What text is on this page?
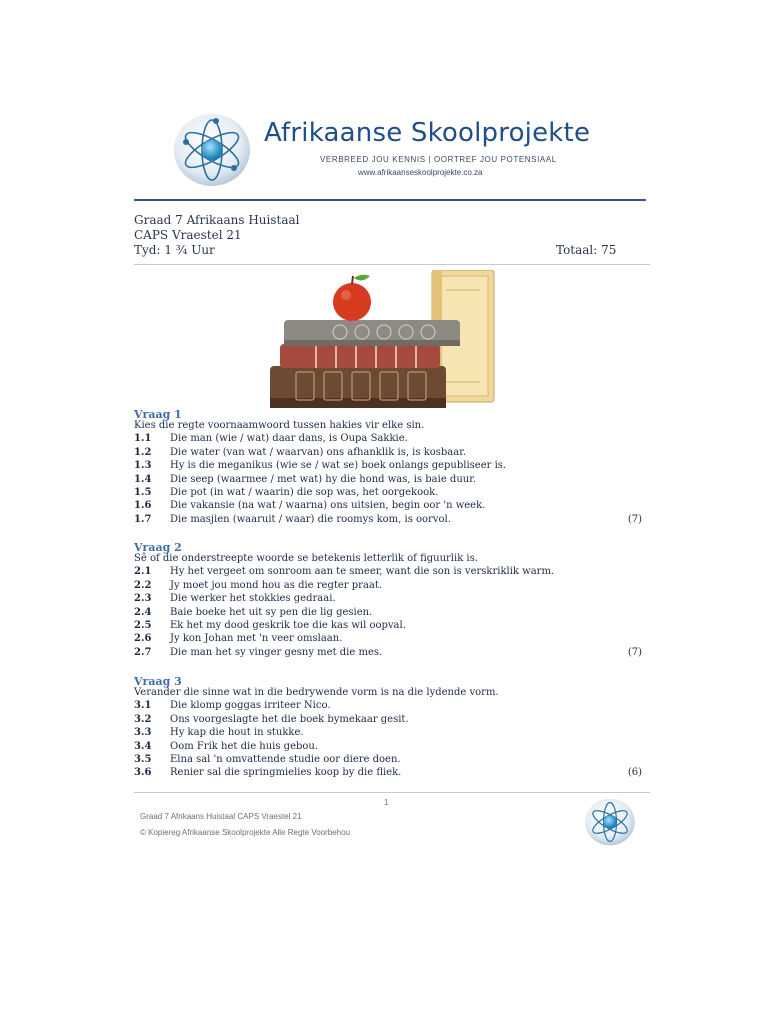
Afrikaanse Skoolprojekte
VERBREED JOU KENNIS | OORTREF JOU POTENSIAAL
www.afrikaanseskoolprojekte.co.za
Graad 7 Afrikaans Huistaal
CAPS Vraestel 21
Tyd: 1 ¾ Uur	Totaal: 75
Vraag 1
Kies die regte voornaamwoord tussen hakies vir elke sin.
1.1 Die man (wie / wat) daar dans, is Oupa Sakkie.
1.2 Die water (van wat / waarvan) ons afhanklik is, is kosbaar.
1.3 Hy is die meganikus (wie se / wat se) boek onlangs gepubliseer is.
1.4 Die seep (waarmee / met wat) hy die hond was, is baie duur.
1.5 Die pot (in wat / waarin) die sop was, het oorgekook.
1.6 Die vakansie (na wat / waarna) ons uitsien, begin oor 'n week.
1.7 Die masjien (waaruit / waar) die roomys kom, is oorvol.	(7)
Vraag 2
Sê of die onderstreepte woorde se betekenis letterlik of figuurlik is.
2.1 Hy het vergeet om sonroom aan te smeer, want die son is verskriklik warm.
2.2 Jy moet jou mond hou as die regter praat.
2.3 Die werker het stokkies gedraai.
2.4 Baie boeke het uit sy pen die lig gesien.
2.5 Ek het my dood geskrik toe die kas wil oopval.
2.6 Jy kon Johan met 'n veer omslaan.
2.7 Die man het sy vinger gesny met die mes.	(7)
Vraag 3
Verander die sinne wat in die bedrywende vorm is na die lydende vorm.
3.1 Die klomp goggas irriteer Nico.
3.2 Ons voorgeslagte het die boek bymekaar gesit.
3.3 Hy kap die hout in stukke.
3.4 Oom Frik het die huis gebou.
3.5 Elna sal 'n omvattende studie oor diere doen.
3.6 Renier sal die springmielies koop by die fliek.	(6)
1
Graad 7 Afrikaans Huistaal CAPS Vraestel 21
© Kopiereg Afrikaanse Skoolprojekte Alle Regte Voorbehou
